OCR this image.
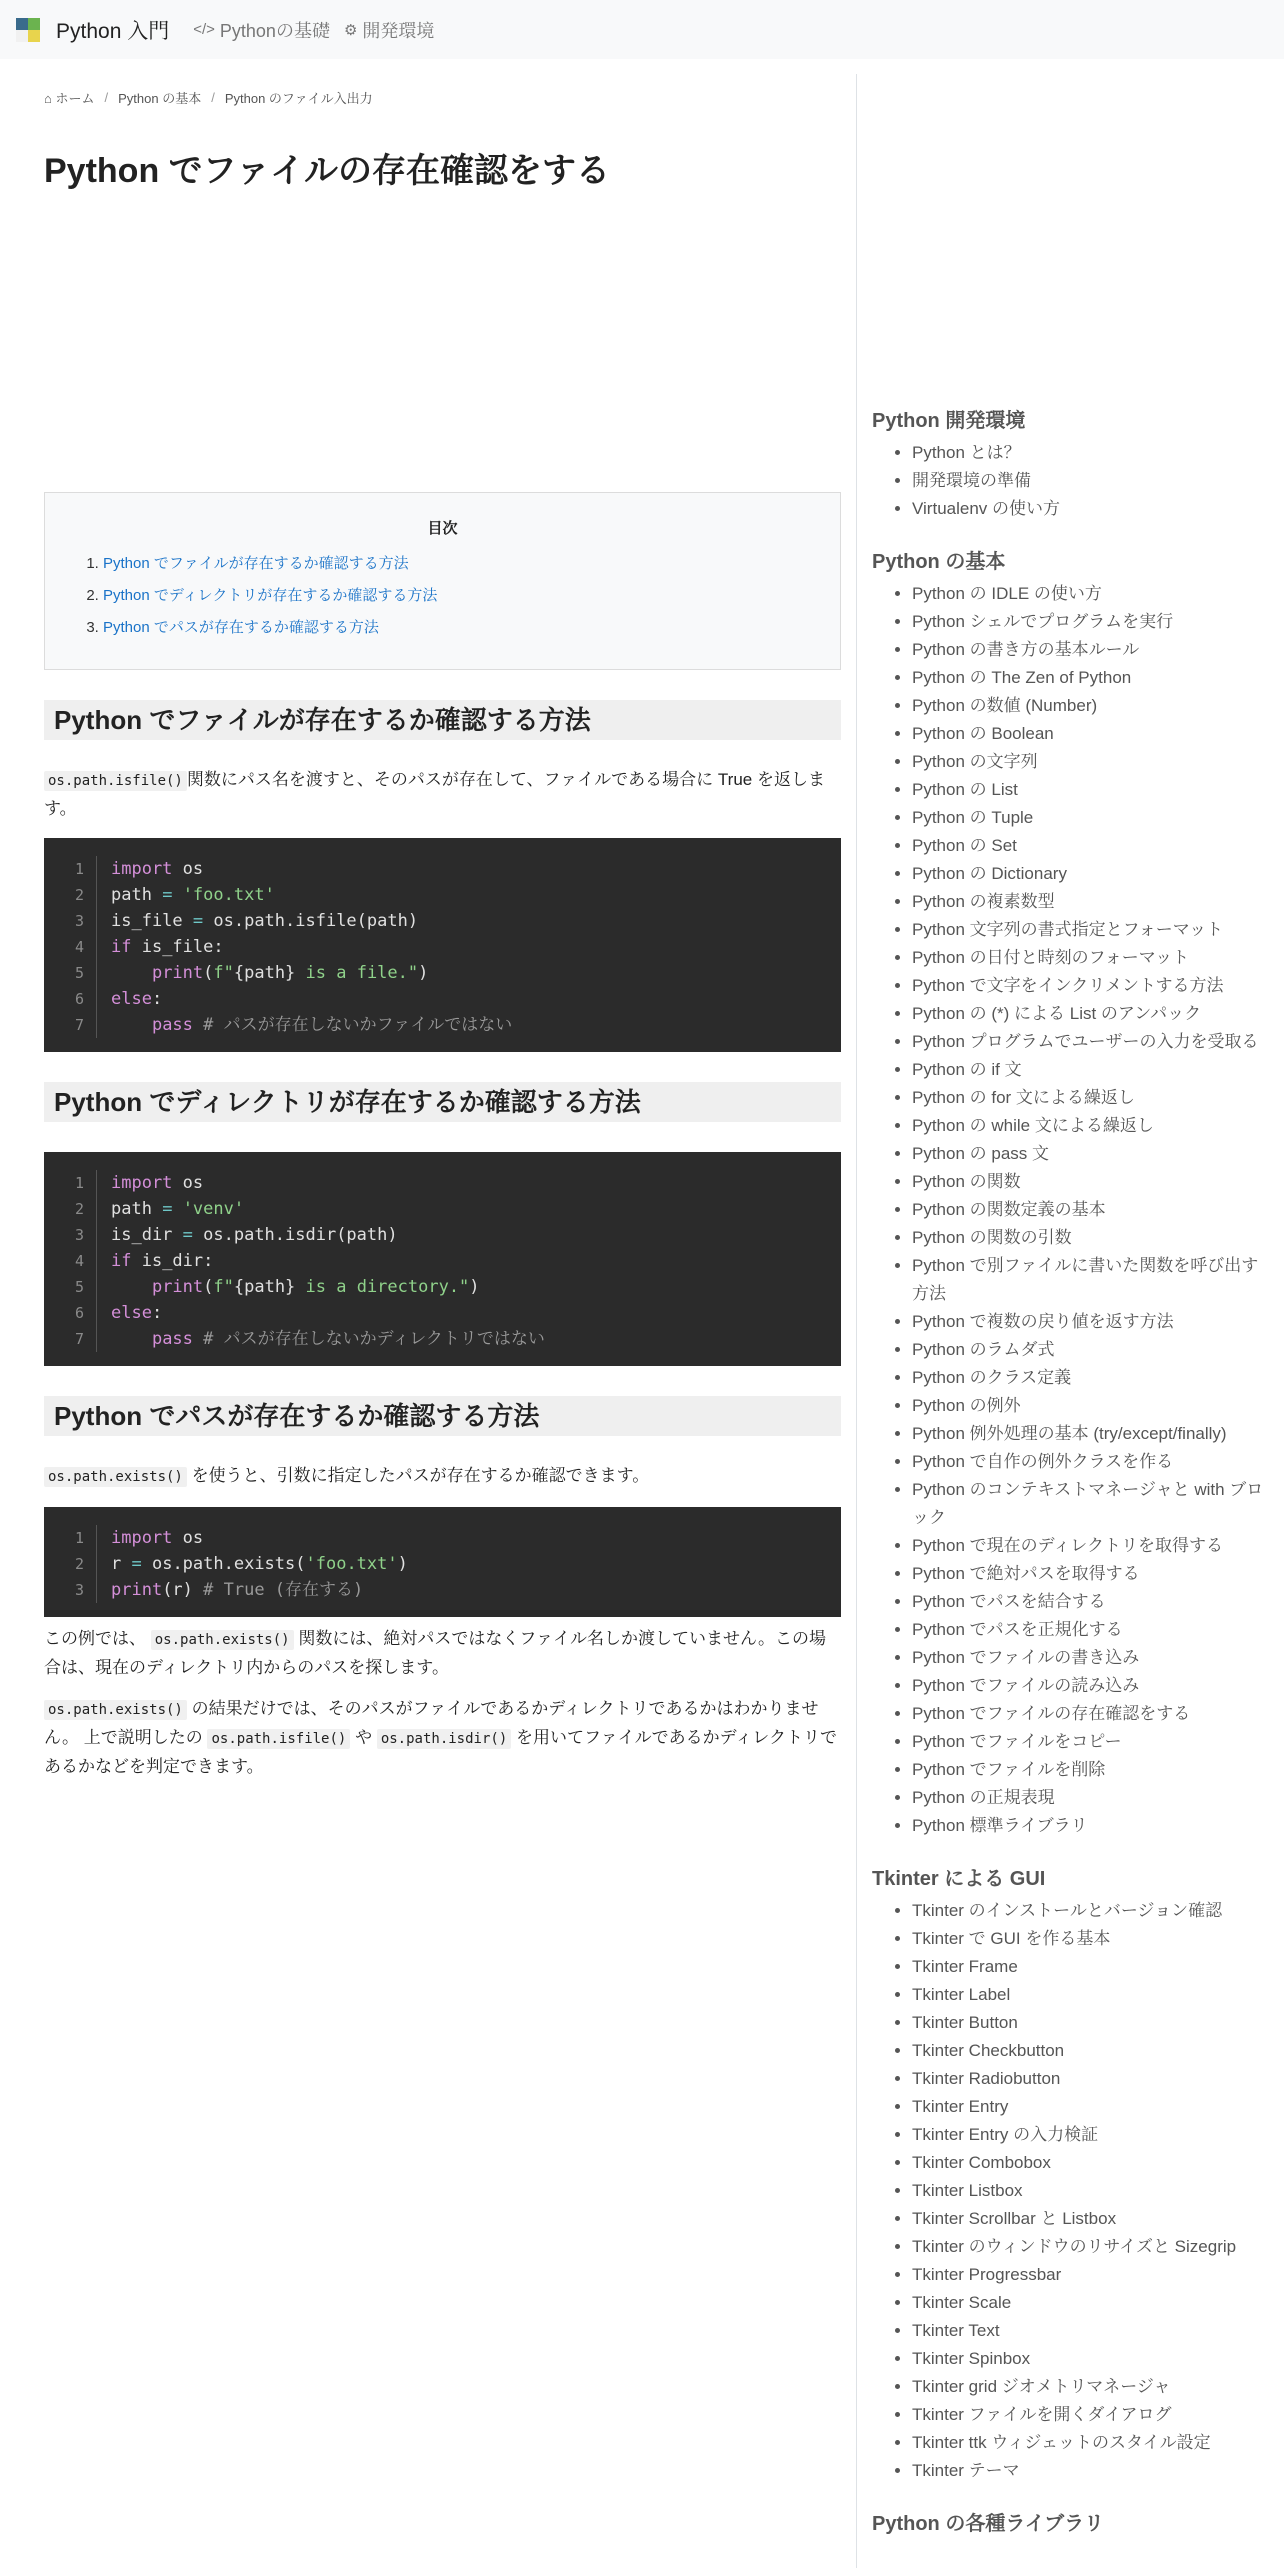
Python 入門 </> Pythonの基礎 ⚙ 開発環境
⌂ ホーム / Python の基本 / Python のファイル入出力
Python でファイルの存在確認をする
目次
1. Python でファイルが存在するか確認する方法
2. Python でディレクトリが存在するか確認する方法
3. Python でパスが存在するか確認する方法
Python でファイルが存在するか確認する方法

os.path.isfile() 関数にパス名を渡すと、そのパスが存在して、ファイルである場合に True を返します。

1	import os
2	path = 'foo.txt'
3	is_file = os.path.isfile(path)
4	if is_file:
5	print(f"{path} is a file.")
6	else:
7	pass # パスが存在しないかファイルではない
Python でディレクトリが存在するか確認する方法
1	import os
2	path = 'venv'
3	is_dir = os.path.isdir(path)
4	if is_dir:
5	print(f"{path} is a directory.")
6	else:
7	pass # パスが存在しないかディレクトリではない
Python でパスが存在するか確認する方法

os.path.exists() を使うと、引数に指定したパスが存在するか確認できます。

1	import os
2	r = os.path.exists('foo.txt')
3	print(r) # True (存在する)

この例では、 os.path.exists() 関数には、絶対パスではなくファイル名しか渡していません。この場合は、現在のディレクトリ内からのパスを探します。

os.path.exists() の結果だけでは、そのパスがファイルであるかディレクトリであるかはわかりません。 上で説明したの os.path.isfile() や os.path.isdir() を用いてファイルであるかディレクトリであるかなどを判定できます。

Python 開発環境
• Python とは？
• 開発環境の準備
• Virtualenv の使い方
Python の基本
• Python の IDLE の使い方
• Python シェルでプログラムを実行
• Python の書き方の基本ルール
• Python の The Zen of Python
• Python の数値 (Number)
• Python の Boolean
• Python の文字列
• Python の List
• Python の Tuple
• Python の Set
• Python の Dictionary
• Python の複素数型
• Python 文字列の書式指定とフォーマット
• Python の日付と時刻のフォーマット
• Python で文字をインクリメントする方法
• Python の (*) による List のアンパック
• Python プログラムでユーザーの入力を受取る
• Python の if 文
• Python の for 文による繰返し
• Python の while 文による繰返し
• Python の pass 文
• Python の関数
• Python の関数定義の基本
• Python の関数の引数
• Python で別ファイルに書いた関数を呼び出す方法
• Python で複数の戻り値を返す方法
• Python のラムダ式
• Python のクラス定義
• Python の例外
• Python 例外処理の基本 (try/except/finally)
• Python で自作の例外クラスを作る
• Python のコンテキストマネージャと with ブロック
• Python で現在のディレクトリを取得する
• Python で絶対パスを取得する
• Python でパスを結合する
• Python でパスを正規化する
• Python でファイルの書き込み
• Python でファイルの読み込み
• Python でファイルの存在確認をする
• Python でファイルをコピー
• Python でファイルを削除
• Python の正規表現
• Python 標準ライブラリ
Tkinter による GUI
• Tkinter のインストールとバージョン確認
• Tkinter で GUI を作る基本
• Tkinter Frame
• Tkinter Label
• Tkinter Button
• Tkinter Checkbutton
• Tkinter Radiobutton
• Tkinter Entry
• Tkinter Entry の入力検証
• Tkinter Combobox
• Tkinter Listbox
• Tkinter Scrollbar と Listbox
• Tkinter のウィンドウのリサイズと Sizegrip
• Tkinter Progressbar
• Tkinter Scale
• Tkinter Text
• Tkinter Spinbox
• Tkinter grid ジオメトリマネージャ
• Tkinter ファイルを開くダイアログ
• Tkinter ttk ウィジェットのスタイル設定
• Tkinter テーマ
Python の各種ライブラリ
